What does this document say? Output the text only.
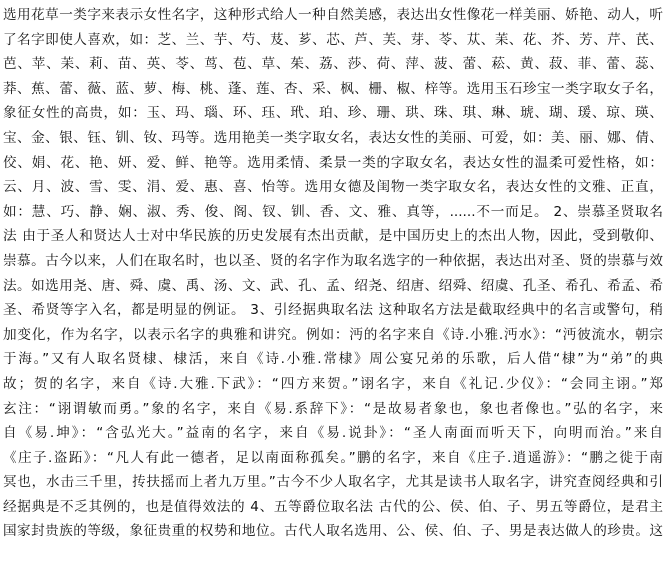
选用花草一类字来表示女性名字，这种形式给人一种自然美感，表达出女性像花一样美丽、娇艳、动人，听
了名字即使人喜欢，如：芝、兰、芋、芍、芨、芗、芯、芦、芙、芽、苓、苁、苿、花、芥、芳、芹、芪、
芭、苹、苿、莉、苗、英、苓、茑、苞、草、茱、荔、莎、荷、萍、菠、蕾、菘、黄、菽、菲、蕾、蕊、
莽、蕉、蕾、薇、蓝、萝、梅、桃、蓬、莲、杏、采、枫、栅、椒、梓等。选用玉石珍宝一类字取女子名，
象征女性的高贵，如：玉、玛、瑙、环、珏、玳、珀、珍、珊、珙、珠、琪、琳、琥、瑚、瑗、琼、瑛、
宝、金、银、钰、钏、钕、玛等。选用艳美一类字取女名，表达女性的美丽、可爱，如：美、丽、娜、倩、
佼、娟、花、艳、妍、爱、鲜、艳等。选用柔情、柔景一类的字取女名，表达女性的温柔可爱性格，如：
云、月、波、雪、雯、涓、爱、惠、喜、怡等。选用女德及闺物一类字取女名，表达女性的文雅、正直，
如：慧、巧、静、娴、淑、秀、俊、阁、钗、钏、香、文、雅、真等，......不一而足。 2、崇慕圣贤取名
法 由于圣人和贤达人士对中华民族的历史发展有杰出贡献，是中国历史上的杰出人物，因此，受到敬仰、
崇慕。古今以来，人们在取名时，也以圣、贤的名字作为取名选字的一种依据，表达出对圣、贤的崇慕与效
法。如选用尧、唐、舜、虞、禹、汤、文、武、孔、孟、绍尧、绍唐、绍舜、绍虞、孔圣、希孔、希孟、希
圣、希贤等字入名，都是明显的例证。 3、引经据典取名法 这种取名方法是截取经典中的名言或警句，稍
加变化，作为名字，以表示名字的典雅和讲究。例如：沔的名字来自《诗.小雅.沔水》：“沔彼流水，朝宗
于海。”又有人取名贤棣、棣活，来自《诗.小雅.常棣》周公宴兄弟的乐歌，后人借“棣”为“弟”的典
故；贺的名字，来自《诗.大雅.下武》：“四方来贺。”诩名字，来自《礼记.少仪》：“会同主诩。”郑
玄注：“诩谓敏而勇。”象的名字，来自《易.系辞下》：“是故易者象也，象也者像也。”弘的名字，来
自《易.坤》：“含弘光大。”益南的名字，来自《易.说卦》：“圣人南面而听天下，向明而治。”来自
《庄子.盗跖》：“凡人有此一德者，足以南面称孤矣。”鹏的名字，来自《庄子.逍遥游》：“鹏之徙于南
冥也，水击三千里，抟扶摇而上者九万里。”古今不少人取名字，尤其是读书人取名字，讲究查阅经典和引
经据典是不乏其例的，也是值得效法的 4、五等爵位取名法 古代的公、侯、伯、子、男五等爵位，是君主
国家封贵族的等级，象征贵重的权势和地位。古代人取名选用、公、侯、伯、子、男是表达做人的珍贵。这
